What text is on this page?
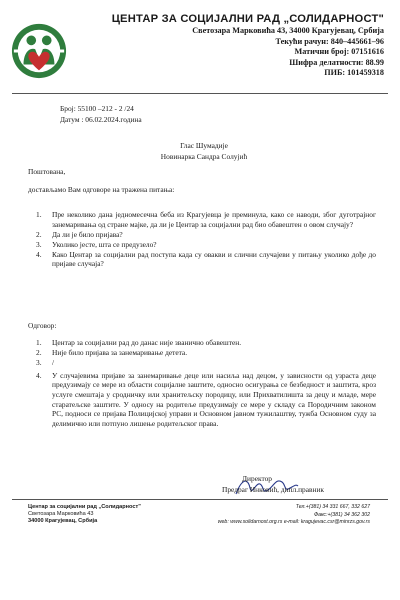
ЦЕНТАР ЗА СОЦИЈАЛНИ РАД „СОЛИДАРНОСТ"
Светозара Марковића 43, 34000 Крагујевац, Србија
Текући рачун: 840–445661–96
Матични број: 07151616
Шифра делатности: 88.99
ПИБ: 101459318
Број: 55100 –212 - 2 /24
Датум : 06.02.2024.година
Глас Шумадије
Новинарка Сандра Солујић
Поштована,
достављамо Вам одговоре на тражена питања:
1.	Пре неколико дана једномесечна беба из Крагујевца је преминула, како се наводи, због дуготрајног занемаривања од стране мајке, да ли је Центар за социјални рад био обавештен о овом случају?
2.	Да ли је било пријава?
3.	Уколико јесте, шта се предузело?
4.	Како Центар за социјални рад поступа када су овакви и слични случајеви у питању уколико дође до пријаве случаја?
Одговор:
1.	Центар за социјални рад до данас није званично обавештен.
2.	Није било пријава за занемаривање детета.
3.	/
4.	У случајевима пријаве за занемаривање деце или насиља над децом, у зависности од узраста деце предузимају се мере из области социјалне заштите, односно осигурања се безбедност и заштита, кроз услуге смештаја у сродничку или хранитељску породицу, или Прихватилишта за децу и младе, мере старатељске заштите. У односу на родитеље предузимају се мере у складу са Породичним законом РС, подноси се пријава Полицијској управи и Основном јавном тужилаштву, тужба Основном суду за делимично или потпуно лишење родитељског права.
Директор
Предраг Инковић, дипл.правник
Центар за социјални рад „Солидарност"
Светозара Марковића 43
34000 Крагујевац, Србија
Тел.+(381) 34 331 667, 332 627
Факс:+(381) 34 362 302
web: www.solidarnost.org.rs e-mail: kragujevac.csr@minrzs.gov.rs
